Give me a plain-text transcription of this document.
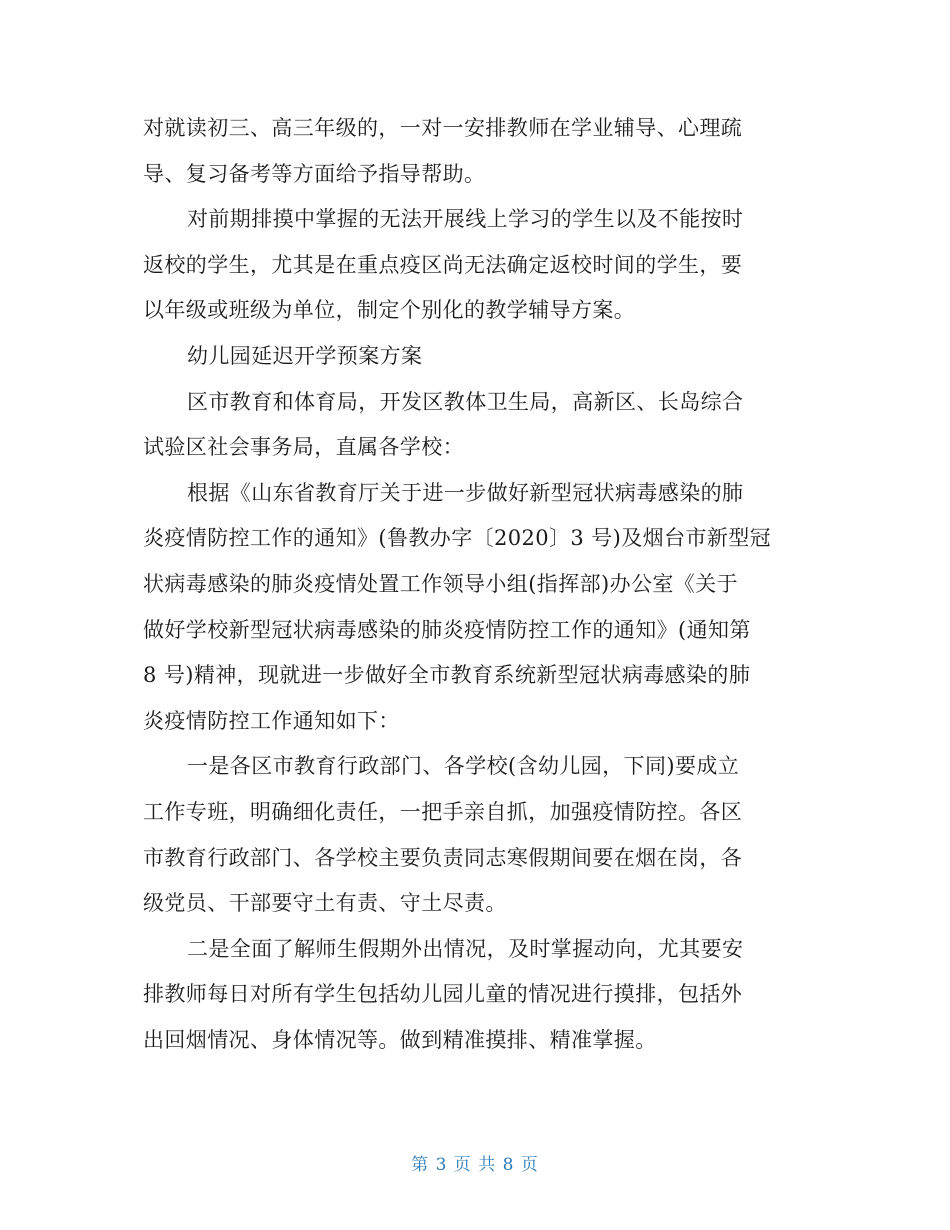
对就读初三、高三年级的，一对一安排教师在学业辅导、心理疏
导、复习备考等方面给予指导帮助。
对前期排摸中掌握的无法开展线上学习的学生以及不能按时
返校的学生，尤其是在重点疫区尚无法确定返校时间的学生，要
以年级或班级为单位，制定个别化的教学辅导方案。
幼儿园延迟开学预案方案
区市教育和体育局，开发区教体卫生局，高新区、长岛综合
试验区社会事务局，直属各学校：
根据《山东省教育厅关于进一步做好新型冠状病毒感染的肺
炎疫情防控工作的通知》(鲁教办字〔2020〕3 号)及烟台市新型冠
状病毒感染的肺炎疫情处置工作领导小组(指挥部)办公室《关于
做好学校新型冠状病毒感染的肺炎疫情防控工作的通知》(通知第
8 号)精神，现就进一步做好全市教育系统新型冠状病毒感染的肺
炎疫情防控工作通知如下：
一是各区市教育行政部门、各学校(含幼儿园，下同)要成立
工作专班，明确细化责任，一把手亲自抓，加强疫情防控。各区
市教育行政部门、各学校主要负责同志寒假期间要在烟在岗，各
级党员、干部要守土有责、守土尽责。
二是全面了解师生假期外出情况，及时掌握动向，尤其要安
排教师每日对所有学生包括幼儿园儿童的情况进行摸排，包括外
出回烟情况、身体情况等。做到精准摸排、精准掌握。
第 3 页 共 8 页
